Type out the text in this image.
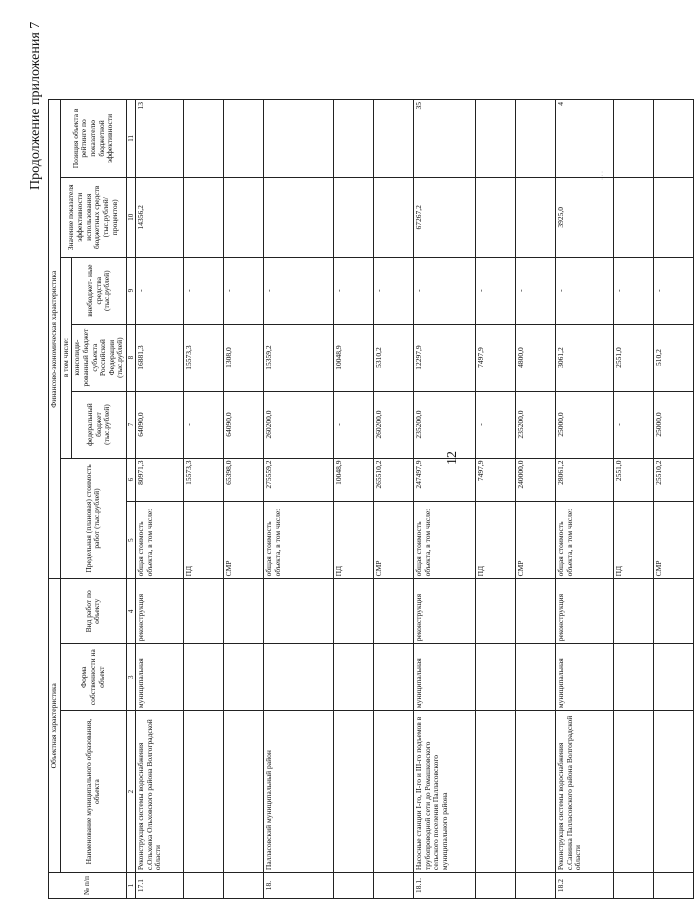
12
Продолжение приложения 7
№ п/п	Объектная характеристика			Финансово-экономическая характеристика						
	Наименование муниципального образования, объекта	Форма собственности на объект	Вид работ по объекту	Предельная (плановая) стоимость работ (тыс.рублей)		в том числе:			Значение показателя эффективности использования бюджетных средств (тыс.рублей/ процентов)	Позиция объекта в рейтинге по показателю бюджетной эффективности
						федеральный бюджет (тыс.рублей)	консолиди- рованный бюджет субъекта Российской Федерации (тыс.рублей)	внебюджет- ные средства (тыс.рублей)		
1	2	3	4	5	6	7	8	9	10	11
17.1	Реконструкция системы водоснабжения с.Ольховка Ольховского района Волгоградской области	муниципальная	реконструкция	общая стоимость объекта, в том числе:	80971,3	64090,0	16881,3	-	14356,2	13
				ПД	15573,3	-	15573,3	-		
				СМР	65398,0	64090,0	1308,0	-		
18.	Палласовский муниципальный район			общая стоимость объекта, в том числе:	275559,2	260200,0	15359,2	-		
				ПД	10048,9	-	10048,9	-		
				СМР	265510,2	260200,0	5310,2	-		
18.1.	Насосные станции I-го, II-го и III-го подъемов в трубопроводной сети до Ромашковского сельского поселения Палласовского муниципального района	муниципальная	реконструкция	общая стоимость объекта, в том числе:	247497,9	235200,0	12297,9	-	67267,2	35
				ПД	7497,9	-	7497,9	-		
				СМР	240000,0	235200,0	4800,0	-		
18.2	Реконструкция системы водоснабжения с.Савинка Палласовского района Волгоградской области	муниципальная	реконструкция	общая стоимость объекта, в том числе:	28061,2	25000,0	3061,2	-	3925,0	4
				ПД	2551,0	-	2551,0	-		
				СМР	25510,2	25000,0	510,2	-		
· · ·
